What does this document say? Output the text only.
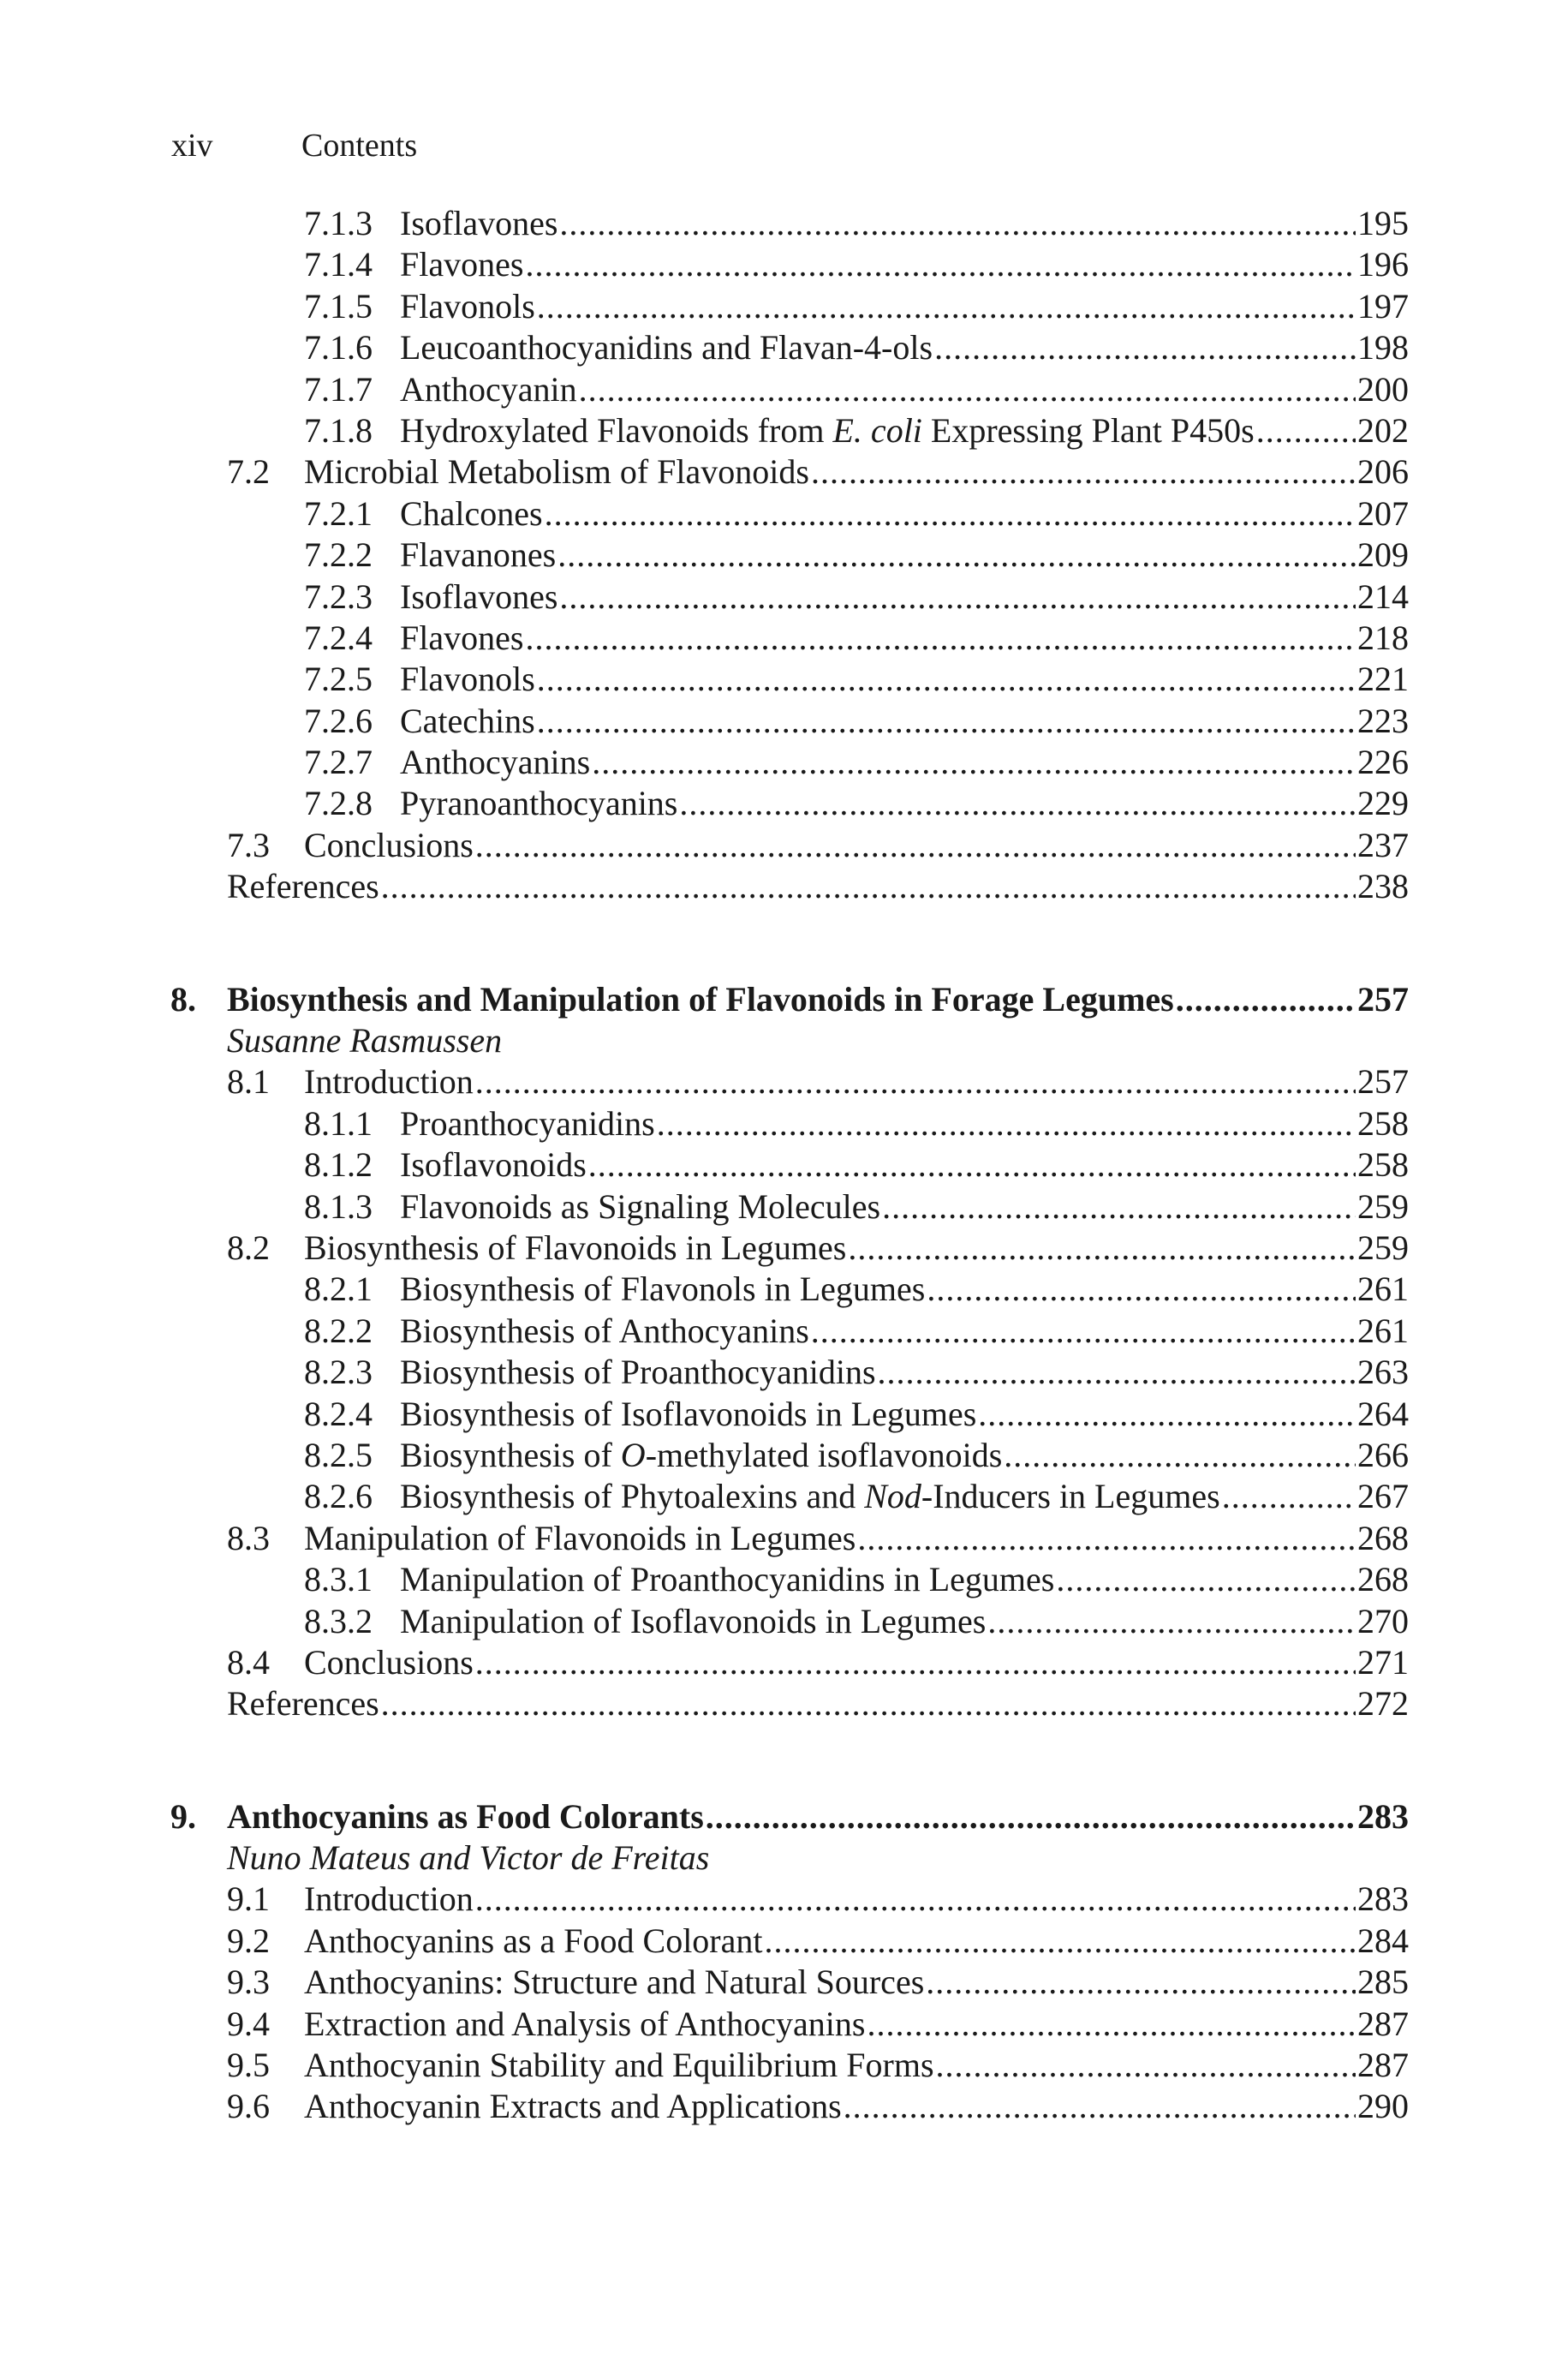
xiv	Contents
7.1.3 Isoflavones .....	195
7.1.4 Flavones .....	196
7.1.5 Flavonols .....	197
7.1.6 Leucoanthocyanidins and Flavan-4-ols .....	198
7.1.7 Anthocyanin .....	200
7.1.8 Hydroxylated Flavonoids from E. coli Expressing Plant P450s .....	202
7.2	Microbial Metabolism of Flavonoids .....	206
7.2.1 Chalcones .....	207
7.2.2 Flavanones .....	209
7.2.3 Isoflavones .....	214
7.2.4 Flavones .....	218
7.2.5 Flavonols .....	221
7.2.6 Catechins .....	223
7.2.7 Anthocyanins .....	226
7.2.8 Pyranoanthocyanins .....	229
7.3	Conclusions .....	237
References .....	238
8. Biosynthesis and Manipulation of Flavonoids in Forage Legumes .....	257
Susanne Rasmussen
8.1	Introduction .....	257
8.1.1 Proanthocyanidins .....	258
8.1.2 Isoflavonoids .....	258
8.1.3 Flavonoids as Signaling Molecules .....	259
8.2	Biosynthesis of Flavonoids in Legumes .....	259
8.2.1 Biosynthesis of Flavonols in Legumes .....	261
8.2.2 Biosynthesis of Anthocyanins .....	261
8.2.3 Biosynthesis of Proanthocyanidins .....	263
8.2.4 Biosynthesis of Isoflavonoids in Legumes .....	264
8.2.5 Biosynthesis of O-methylated isoflavonoids .....	266
8.2.6 Biosynthesis of Phytoalexins and Nod-Inducers in Legumes .....	267
8.3	Manipulation of Flavonoids in Legumes .....	268
8.3.1 Manipulation of Proanthocyanidins in Legumes .....	268
8.3.2 Manipulation of Isoflavonoids in Legumes .....	270
8.4	Conclusions .....	271
References .....	272
9. Anthocyanins as Food Colorants .....	283
Nuno Mateus and Victor de Freitas
9.1	Introduction .....	283
9.2	Anthocyanins as a Food Colorant .....	284
9.3	Anthocyanins: Structure and Natural Sources .....	285
9.4	Extraction and Analysis of Anthocyanins .....	287
9.5	Anthocyanin Stability and Equilibrium Forms .....	287
9.6	Anthocyanin Extracts and Applications .....	290
